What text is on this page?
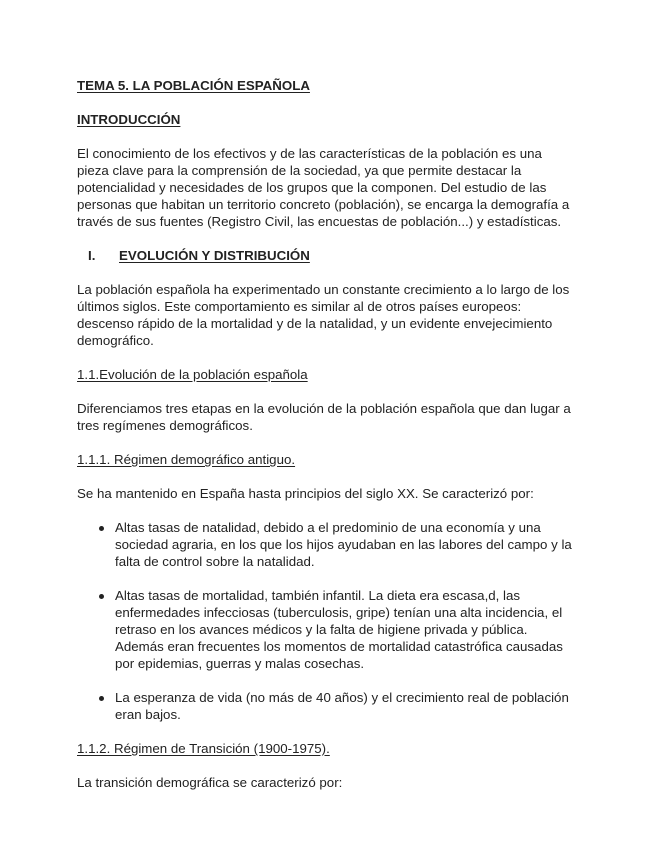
TEMA 5. LA POBLACIÓN ESPAÑOLA

INTRODUCCIÓN

El conocimiento de los efectivos y de las características de la población es una pieza clave para la comprensión de la sociedad, ya que permite destacar la potencialidad y necesidades de los grupos que la componen. Del estudio de las personas que habitan un territorio concreto (población), se encarga la demografía a través de sus fuentes (Registro Civil, las encuestas de población...) y estadísticas.

I.	EVOLUCIÓN Y DISTRIBUCIÓN

La población española ha experimentado un constante crecimiento a lo largo de los últimos siglos. Este comportamiento es similar al de otros países europeos: descenso rápido de la mortalidad y de la natalidad, y un evidente envejecimiento demográfico.

1.1.Evolución de la población española

Diferenciamos tres etapas en la evolución de la población española que dan lugar a tres regímenes demográficos.

1.1.1. Régimen demográfico antiguo.

Se ha mantenido en España hasta principios del siglo XX. Se caracterizó por:

Altas tasas de natalidad, debido a el predominio de una economía y una sociedad agraria, en los que los hijos ayudaban en las labores del campo y la falta de control sobre la natalidad.
Altas tasas de mortalidad, también infantil. La dieta era escasa,d, las enfermedades infecciosas (tuberculosis, gripe) tenían una alta incidencia, el retraso en los avances médicos y la falta de higiene privada y pública. Además eran frecuentes los momentos de mortalidad catastrófica causadas por epidemias, guerras y malas cosechas.
La esperanza de vida (no más de 40 años) y el crecimiento real de población eran bajos.

1.1.2. Régimen de Transición (1900-1975).

La transición demográfica se caracterizó por:
